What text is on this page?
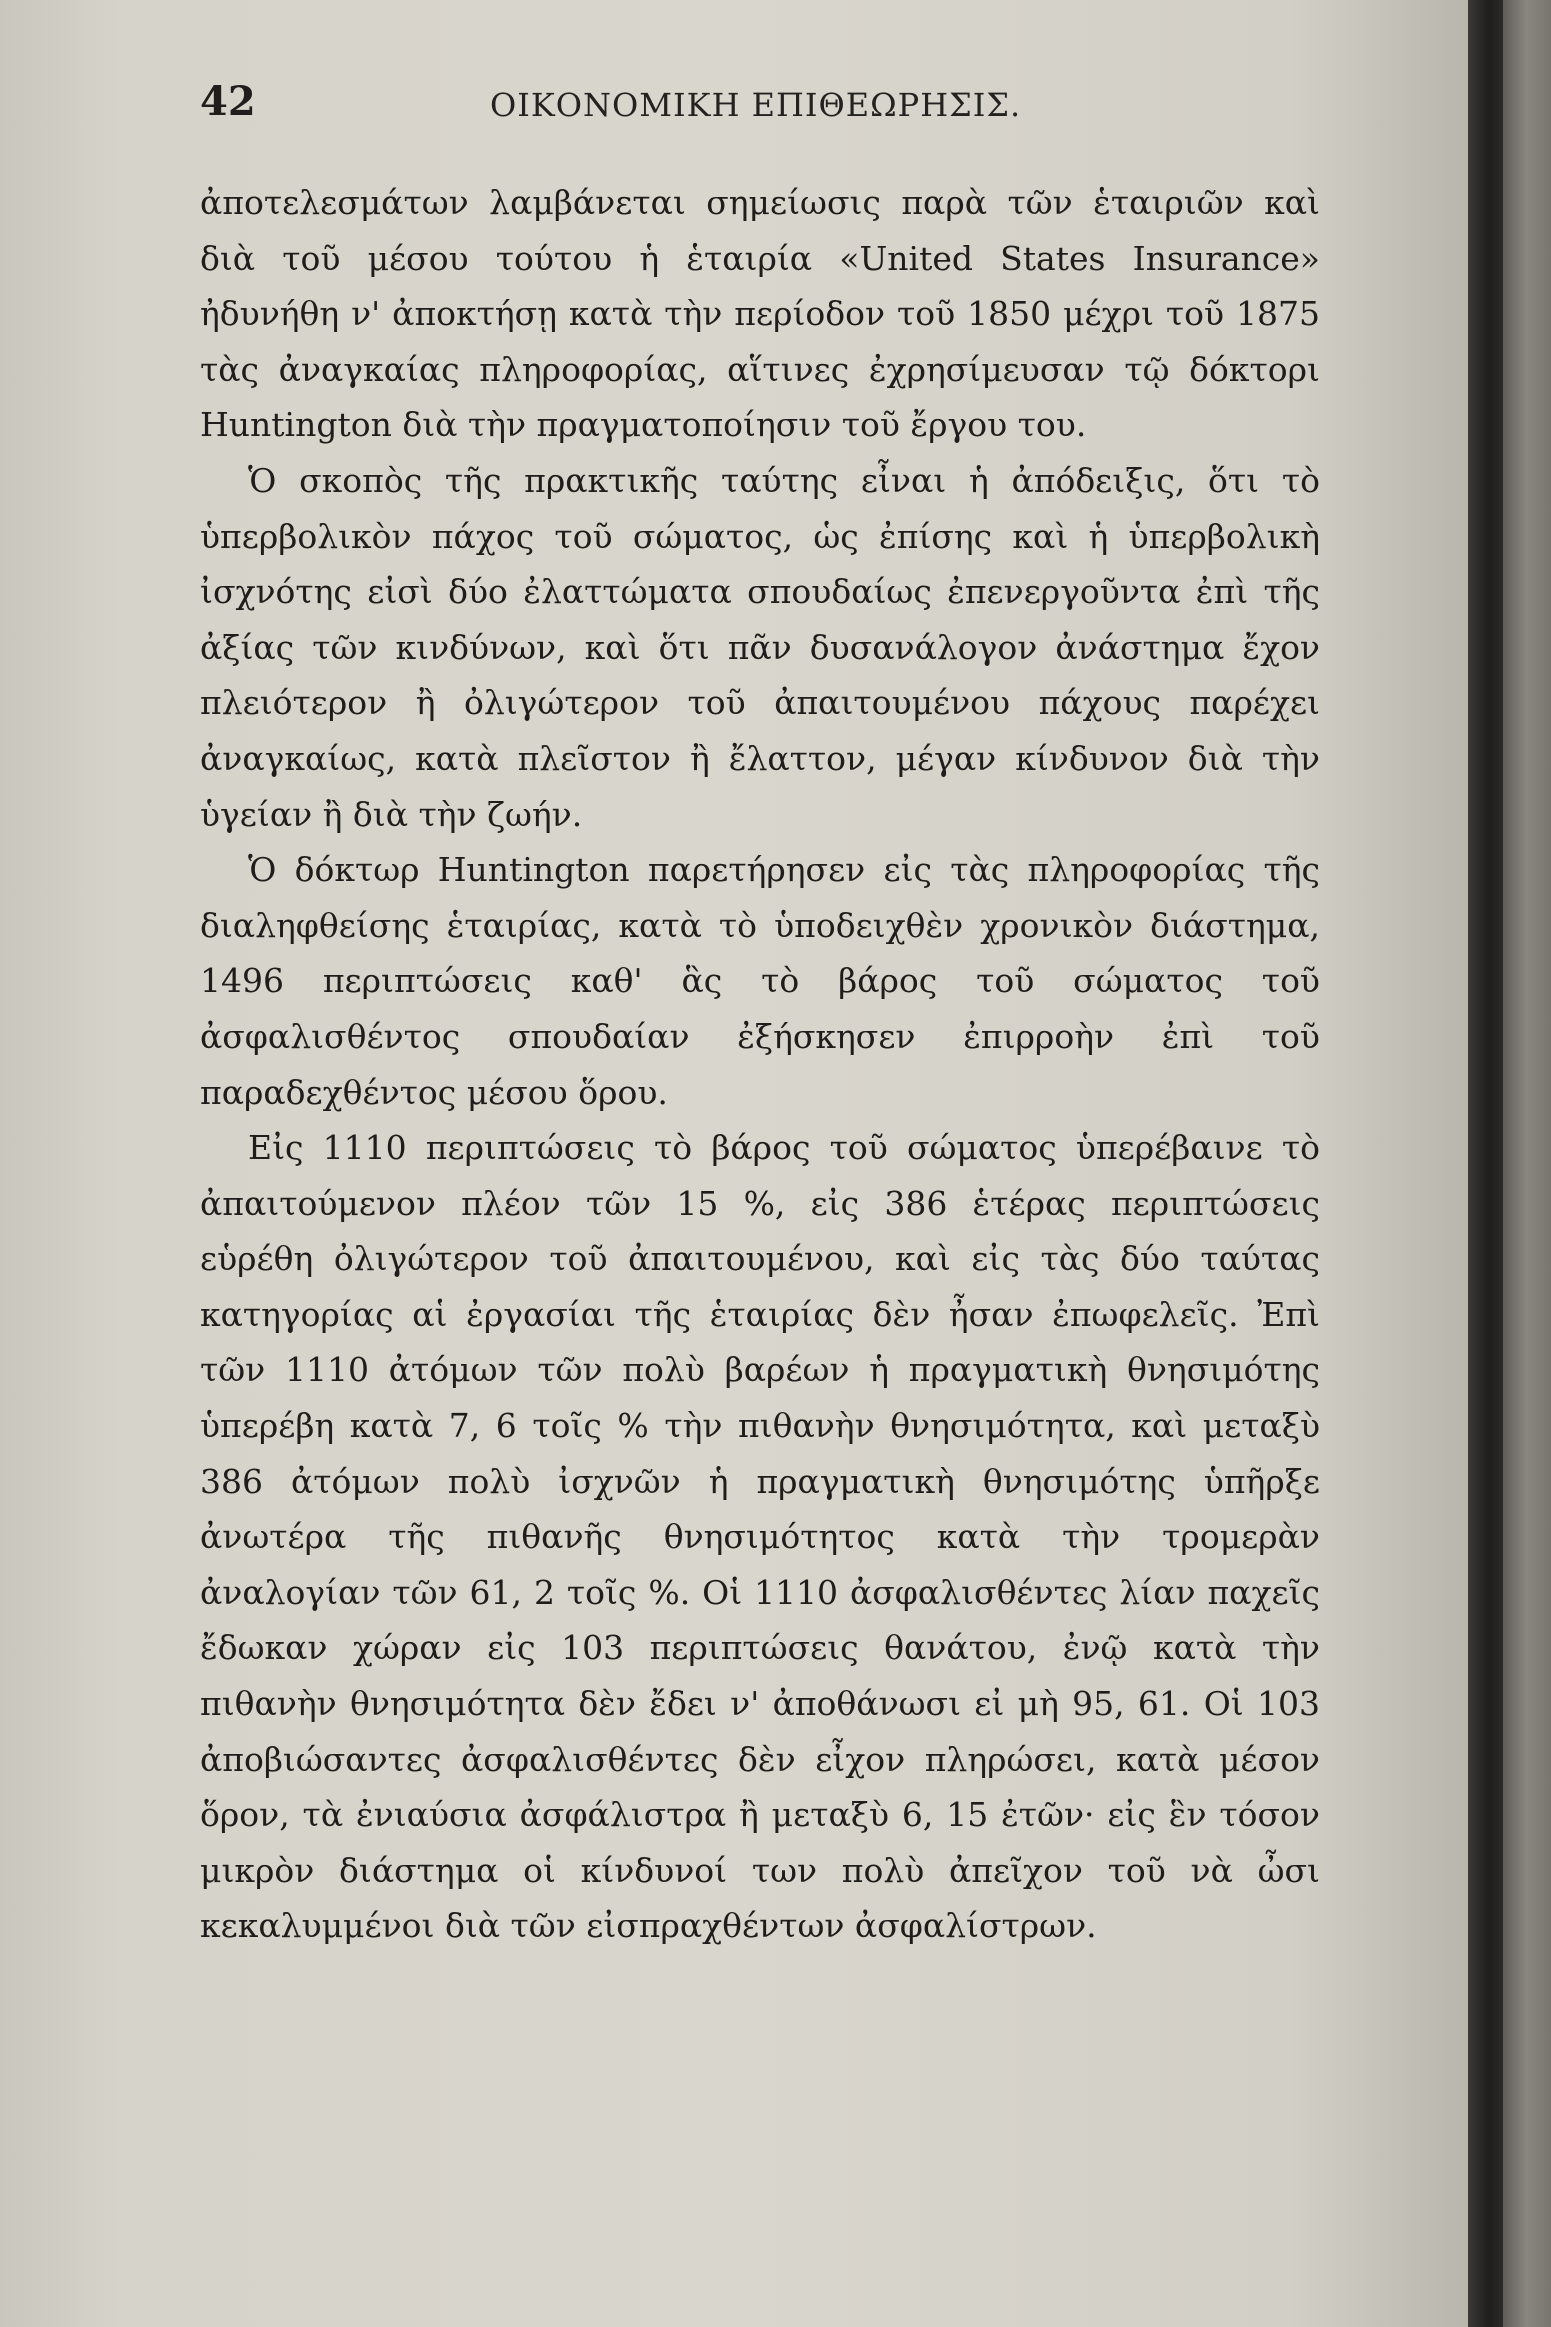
42	ΟΙΚΟΝΟΜΙΚΗ ΕΠΙΘΕΩΡΗΣΙΣ.

ἀποτελεσμάτων λαμβάνεται σημείωσις παρὰ τῶν ἑταιριῶν καὶ διὰ τοῦ μέσου τούτου ἡ ἑταιρία «United States Insurance» ἠδυνήθη ν' ἀποκτήσῃ κατὰ τὴν περίοδον τοῦ 1850 μέχρι τοῦ 1875 τὰς ἀναγκαίας πληροφορίας, αἵτινες ἐχρησίμευσαν τῷ δόκτορι Huntington διὰ τὴν πραγματοποίησιν τοῦ ἔργου του.

Ὁ σκοπὸς τῆς πρακτικῆς ταύτης εἶναι ἡ ἀπόδειξις, ὅτι τὸ ὑπερβολικὸν πάχος τοῦ σώματος, ὡς ἐπίσης καὶ ἡ ὑπερβολικὴ ἰσχνότης εἰσὶ δύο ἐλαττώματα σπουδαίως ἐπενεργοῦντα ἐπὶ τῆς ἀξίας τῶν κινδύνων, καὶ ὅτι πᾶν δυσανάλογον ἀνάστημα ἔχον πλειότερον ἢ ὀλιγώτερον τοῦ ἀπαιτουμένου πάχους παρέχει ἀναγκαίως, κατὰ πλεῖστον ἢ ἔλαττον, μέγαν κίνδυνον διὰ τὴν ὑγείαν ἢ διὰ τὴν ζωήν.

Ὁ δόκτωρ Huntington παρετήρησεν εἰς τὰς πληροφορίας τῆς διαληφθείσης ἑταιρίας, κατὰ τὸ ὑποδειχθὲν χρονικὸν διάστημα, 1496 περιπτώσεις καθ' ἃς τὸ βάρος τοῦ σώματος τοῦ ἀσφαλισθέντος σπουδαίαν ἐξήσκησεν ἐπιρροὴν ἐπὶ τοῦ παραδεχθέντος μέσου ὅρου.

Εἰς 1110 περιπτώσεις τὸ βάρος τοῦ σώματος ὑπερέβαινε τὸ ἀπαιτούμενον πλέον τῶν 15 %, εἰς 386 ἑτέρας περιπτώσεις εὑρέθη ὀλιγώτερον τοῦ ἀπαιτουμένου, καὶ εἰς τὰς δύο ταύτας κατηγορίας αἱ ἐργασίαι τῆς ἑταιρίας δὲν ἦσαν ἐπωφελεῖς. Ἐπὶ τῶν 1110 ἀτόμων τῶν πολὺ βαρέων ἡ πραγματικὴ θνησιμότης ὑπερέβη κατὰ 7, 6 τοῖς % τὴν πιθανὴν θνησιμότητα, καὶ μεταξὺ 386 ἀτόμων πολὺ ἰσχνῶν ἡ πραγματικὴ θνησιμότης ὑπῆρξε ἀνωτέρα τῆς πιθανῆς θνησιμότητος κατὰ τὴν τρομερὰν ἀναλογίαν τῶν 61, 2 τοῖς %. Οἱ 1110 ἀσφαλισθέντες λίαν παχεῖς ἔδωκαν χώραν εἰς 103 περιπτώσεις θανάτου, ἐνῷ κατὰ τὴν πιθανὴν θνησιμότητα δὲν ἔδει ν' ἀποθάνωσι εἰ μὴ 95, 61. Οἱ 103 ἀποβιώσαντες ἀσφαλισθέντες δὲν εἶχον πληρώσει, κατὰ μέσον ὅρον, τὰ ἐνιαύσια ἀσφάλιστρα ἢ μεταξὺ 6, 15 ἐτῶν· εἰς ἓν τόσον μικρὸν διάστημα οἱ κίνδυνοί των πολὺ ἀπεῖχον τοῦ νὰ ὦσι κεκαλυμμένοι διὰ τῶν εἰσπραχθέντων ἀσφαλίστρων.
